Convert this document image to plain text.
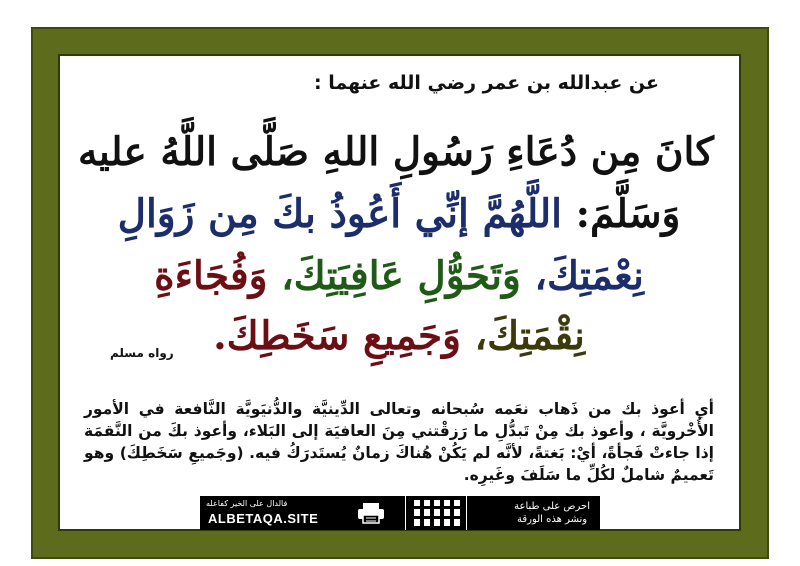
عن عبدالله بن عمر رضي الله عنهما :
كانَ مِن دُعَاءِ رَسُولِ اللهِ صَلَّى اللَّهُ عليه
وَسَلَّمَ: اللَّهُمَّ إنِّي أَعُوذُ بكَ مِن زَوَالِ
نِعْمَتِكَ، وَتَحَوُّلِ عَافِيَتِكَ، وَفُجَاءَةِ
نِقْمَتِكَ، وَجَمِيعِ سَخَطِكَ.
رواه مسلم
أي أعوذ بك من ذَهاب نعَمه سُبحانه وتعالى الدِّينيَّة والدُّنيَويَّة النَّافعة في الأمور الأُخْرويَّة ، وأعوذ بك مِنْ تَبدُّلِ ما رَزقْتني مِنَ العافيَة إلى البَلاء، وأعوذ بكَ من النَّقمَة إذا جاءتْ فَجأةً، أيْ: بَغتةً، لأنَّه لم يَكُنْ هُناكَ زمانٌ يُستَدرَكُ فيه. (وجَميعِ سَخَطِكَ) وهو تَعميمٌ شاملٌ لكُلِّ ما سَلَفَ وغَيرِه.
فالدال على الخير كفاعله
ALBETAQA.SITE
احرص على طباعة
ونشر هذه الورقة
